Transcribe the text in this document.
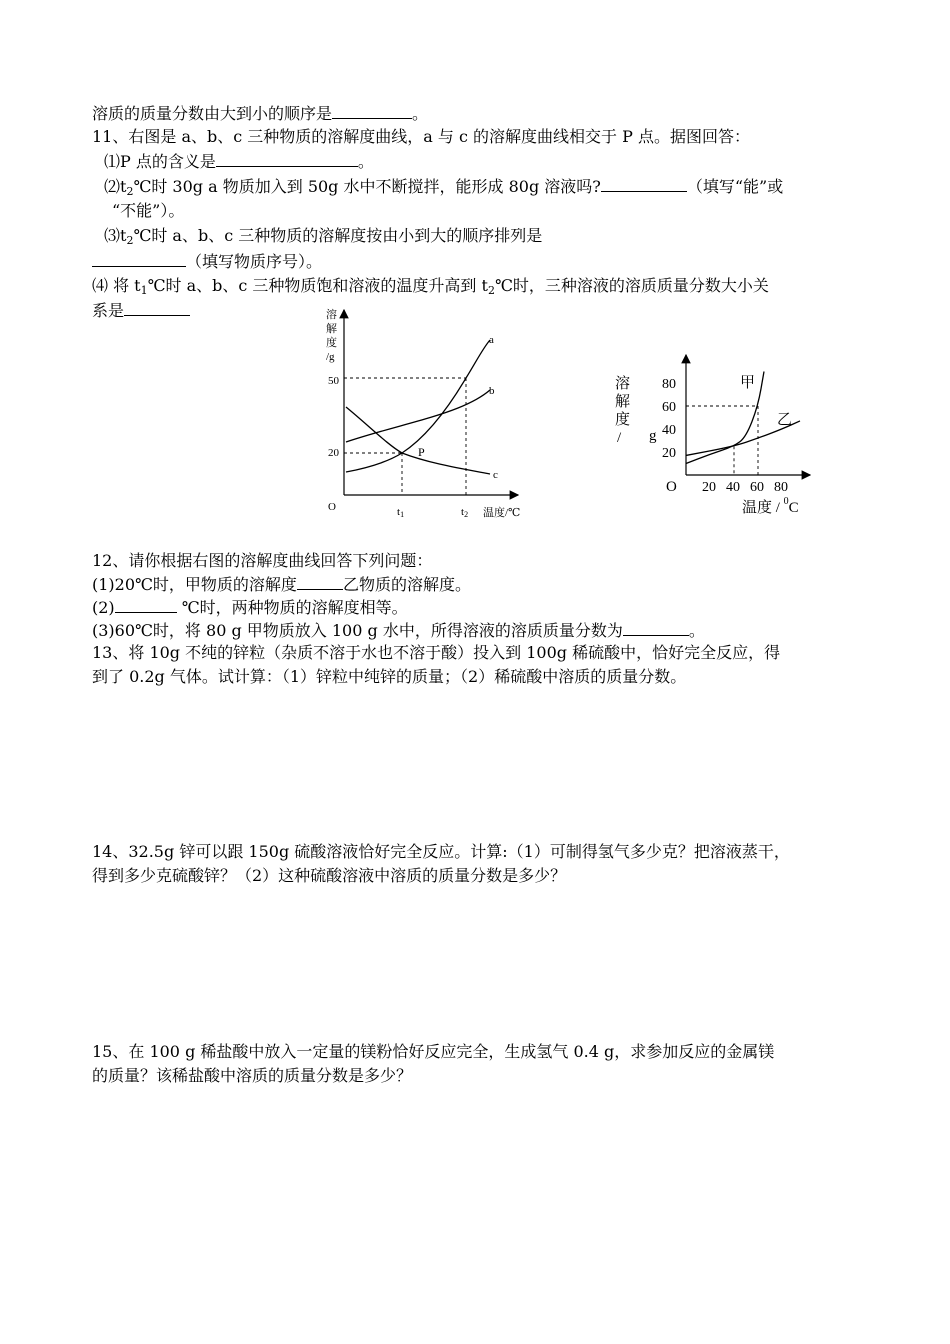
溶质的质量分数由大到小的顺序是	。
11、右图是 a、b、c 三种物质的溶解度曲线，a 与 c 的溶解度曲线相交于 P 点。据图回答：
⑴P 点的含义是	。
$⑵t_2℃$时 30g a 物质加入到 50g 水中不断搅拌，能形成 80g 溶液吗?	（填写“能”或
“不能”）。
$⑶t_2℃$时 a、b、c 三种物质的溶解度按由小到大的顺序排列是
（填写物质序号）。
⑷ 将 $t_1℃$时 a、b、c 三种物质饱和溶液的温度升高到 $t_2℃$时，三种溶液的溶质质量分数大小关
系是	溶
解
度
/g
50
20
O	t1	t2 温度/℃
a
b
c
P
溶
解
度
/ g
80
60
40
20
20 40 60 80
O
温度 / $^0$C
甲
乙
12、请你根据右图的溶解度曲线回答下列问题：
(1)20℃时，甲物质的溶解度	乙物质的溶解度。
(2)	℃时，两种物质的溶解度相等。
(3)60℃时，将 80 g 甲物质放入 100 g 水中，所得溶液的溶质质量分数为	。
13、将 10g 不纯的锌粒（杂质不溶于水也不溶于酸）投入到 100g 稀硫酸中，恰好完全反应，得
到了 0.2g 气体。试计算：（1）锌粒中纯锌的质量；（2）稀硫酸中溶质的质量分数。
14、32.5g 锌可以跟 150g 硫酸溶液恰好完全反应。计算:（1）可制得氢气多少克？把溶液蒸干，
得到多少克硫酸锌？（2）这种硫酸溶液中溶质的质量分数是多少？
15、在 100 g 稀盐酸中放入一定量的镁粉恰好反应完全，生成氢气 0.4 g，求参加反应的金属镁
的质量？该稀盐酸中溶质的质量分数是多少？
